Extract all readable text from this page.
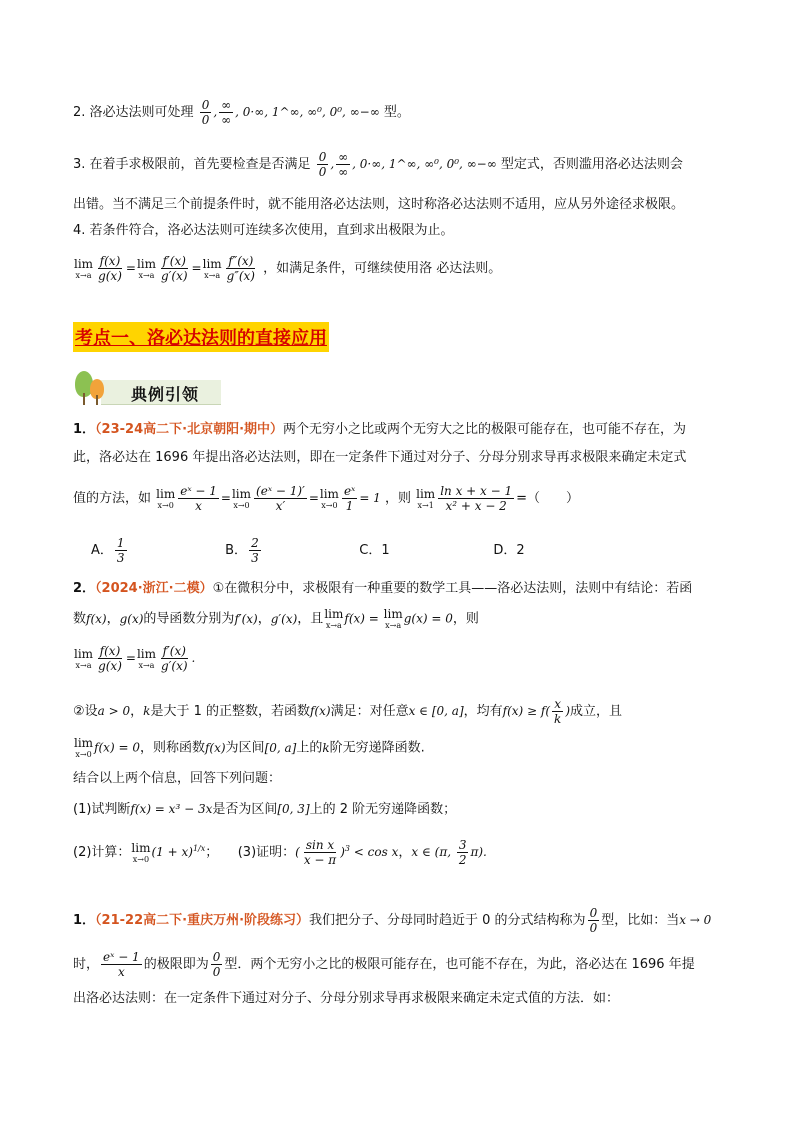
2. 洛必达法则可处理 $\frac{0}{0}$ , $\frac{\infty}{\infty}$ , 0·∞, 1^∞, ∞⁰, 0⁰, ∞−∞ 型。
3. 在着手求极限前，首先要检查是否满足 $\frac{0}{0}$ , $\frac{\infty}{\infty}$ , 0·∞, 1^∞, ∞⁰, 0⁰, ∞−∞ 型定式，否则滥用洛必达法则会
出错。当不满足三个前提条件时，就不能用洛必达法则，这时称洛必达法则不适用，应从另外途径求极限。
4. 若条件符合，洛必达法则可连续多次使用，直到求出极限为止。
lim
$x\to a \frac{f(x)}{g(x)} = \lim$
$x\to a \frac{f'(x)}{g'(x)} = \lim$
$x\to a \frac{f''(x)}{g''(x)}$ ，如满足条件，可继续使用洛 必达法则。
考点一、洛必达法则的直接应用
典例引领
1．（23-24高二下·北京朝阳·期中）两个无穷小之比或两个无穷大之比的极限可能存在，也可能不存在，为
此，洛必达在 1696 年提出洛必达法则，即在一定条件下通过对分子、分母分别求导再求极限来确定未定式
值的方法，如 lim
$x\to 0 \frac{\text{eˣ − 1}}{x} = \lim$
$x\to 0 \frac{\text{(eˣ − 1)′}}{x'} = \lim$
$x\to 0 \frac{\text{eˣ}}{1} = 1$ ，则 lim
$x\to 1 \frac{\text{ln x + x − 1}}{\text{x² + x − 2}}$ =（　　）
A． $\frac{1}{3}$	B． $\frac{2}{3}$	C．1	D．2
2．（2024·浙江·二模）①在微积分中，求极限有一种重要的数学工具——洛必达法则，法则中有结论：若函
数f(x)，g(x)的导函数分别为f′(x)，g′(x)，且 lim
x→a f(x) = lim
x→a g(x) = 0，则
lim
$x\to a \frac{f(x)}{g(x)} = \lim$
$x\to a \frac{f'(x)}{g'(x)}$ .
②设a > 0，k是大于 1 的正整数，若函数f(x)满足：对任意x ∈ [0, a]，均有$f(x) \ge f( \frac{x}{k}$ )成立，且
lim
x→0 f(x) = 0，则称函数f(x)为区间[0, a]上的k阶无穷递降函数.
结合以上两个信息，回答下列问题：
(1)试判断f(x) = x³ − 3x是否为区间[0, 3]上的 2 阶无穷递降函数；
(2)计算： lim
x→0 $(1 + x)^{1/x}$；　　(3)证明：( $\frac{\text{sin x}}{x - \pi} )^3 < \cos x$，x ∈ (π, $\frac{3}{2} \pi$).
1．（21-22高二下·重庆万州·阶段练习）我们把分子、分母同时趋近于 0 的分式结构称为 $\frac{0}{0}$ 型，比如：当x → 0
时， $\frac{\text{eˣ − 1}}{x}$ 的极限即为 $\frac{0}{0}$ 型．两个无穷小之比的极限可能存在，也可能不存在，为此，洛必达在 1696 年提
出洛必达法则：在一定条件下通过对分子、分母分别求导再求极限来确定未定式值的方法．如：
